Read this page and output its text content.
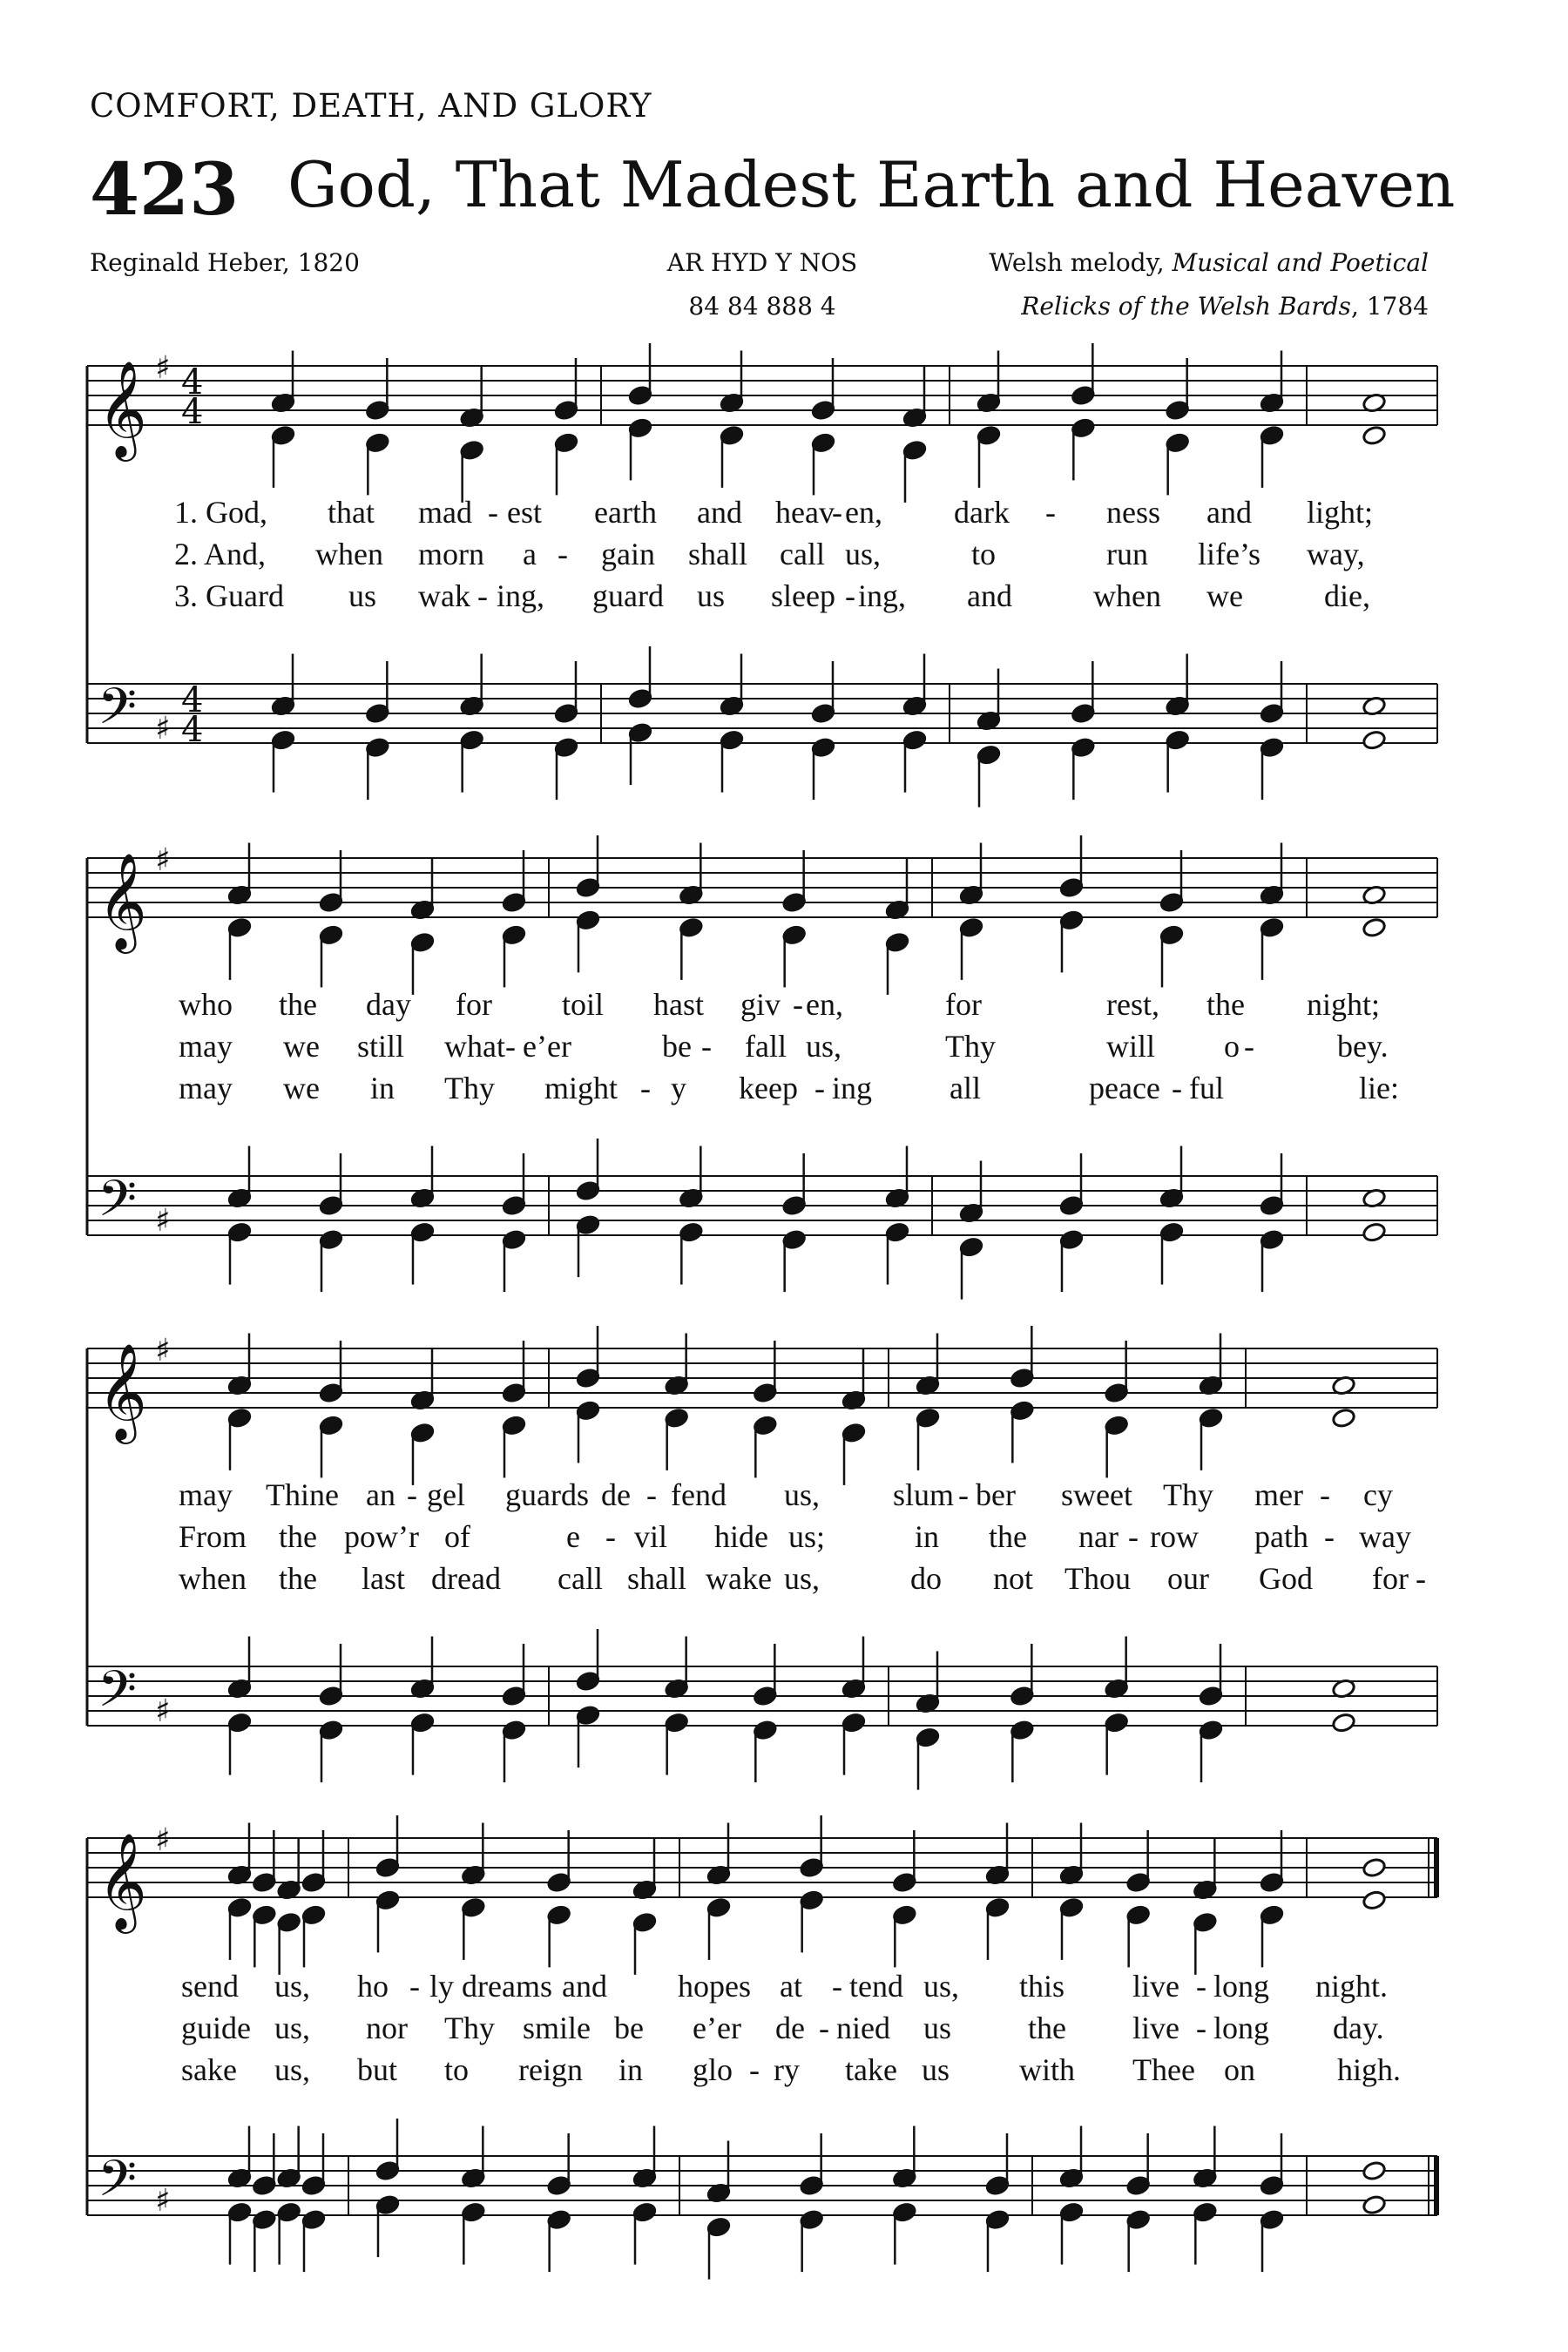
COMFORT, DEATH, AND GLORY
423 God, That Madest Earth and Heaven
Reginald Heber, 1820	AR HYD Y NOS
84 84 888 4
Welsh melody, Musical and Poetical
Relicks of the Welsh Bards, 1784
𝄞
𝄢
♯
♯
4
4
4
4
𝄞
𝄢
♯
♯
𝄞
𝄢
♯
♯
𝄞
𝄢
♯
♯
1. God, that mad - est earth and heav-en, dark - ness and light;
2. And, when morn a - gain shall call us,	to	run life’s way,
3. Guard us wak - ing, guard us sleep -ing, and	when we	die,
who the day for toil hast giv -en,	for	rest, the night;
may we still what- e’er	be - fall us,	Thy	will o -	bey.
may we in Thy might - y keep - ing all	peace - ful	lie:
may Thine an - gel guards de - fend us, slum - ber sweet Thy mer - cy
From the pow’r of	e - vil hide us;	in the nar - row path - way
when the last dread call shall wake us,	do not Thou our God for -
send us, ho - ly dreams and hopes at - tend us, this live - long night.
guide us, nor Thy smile be e’er de - nied us the live - long day.
sake us, but to reign in glo - ry take us with Thee on	high.
